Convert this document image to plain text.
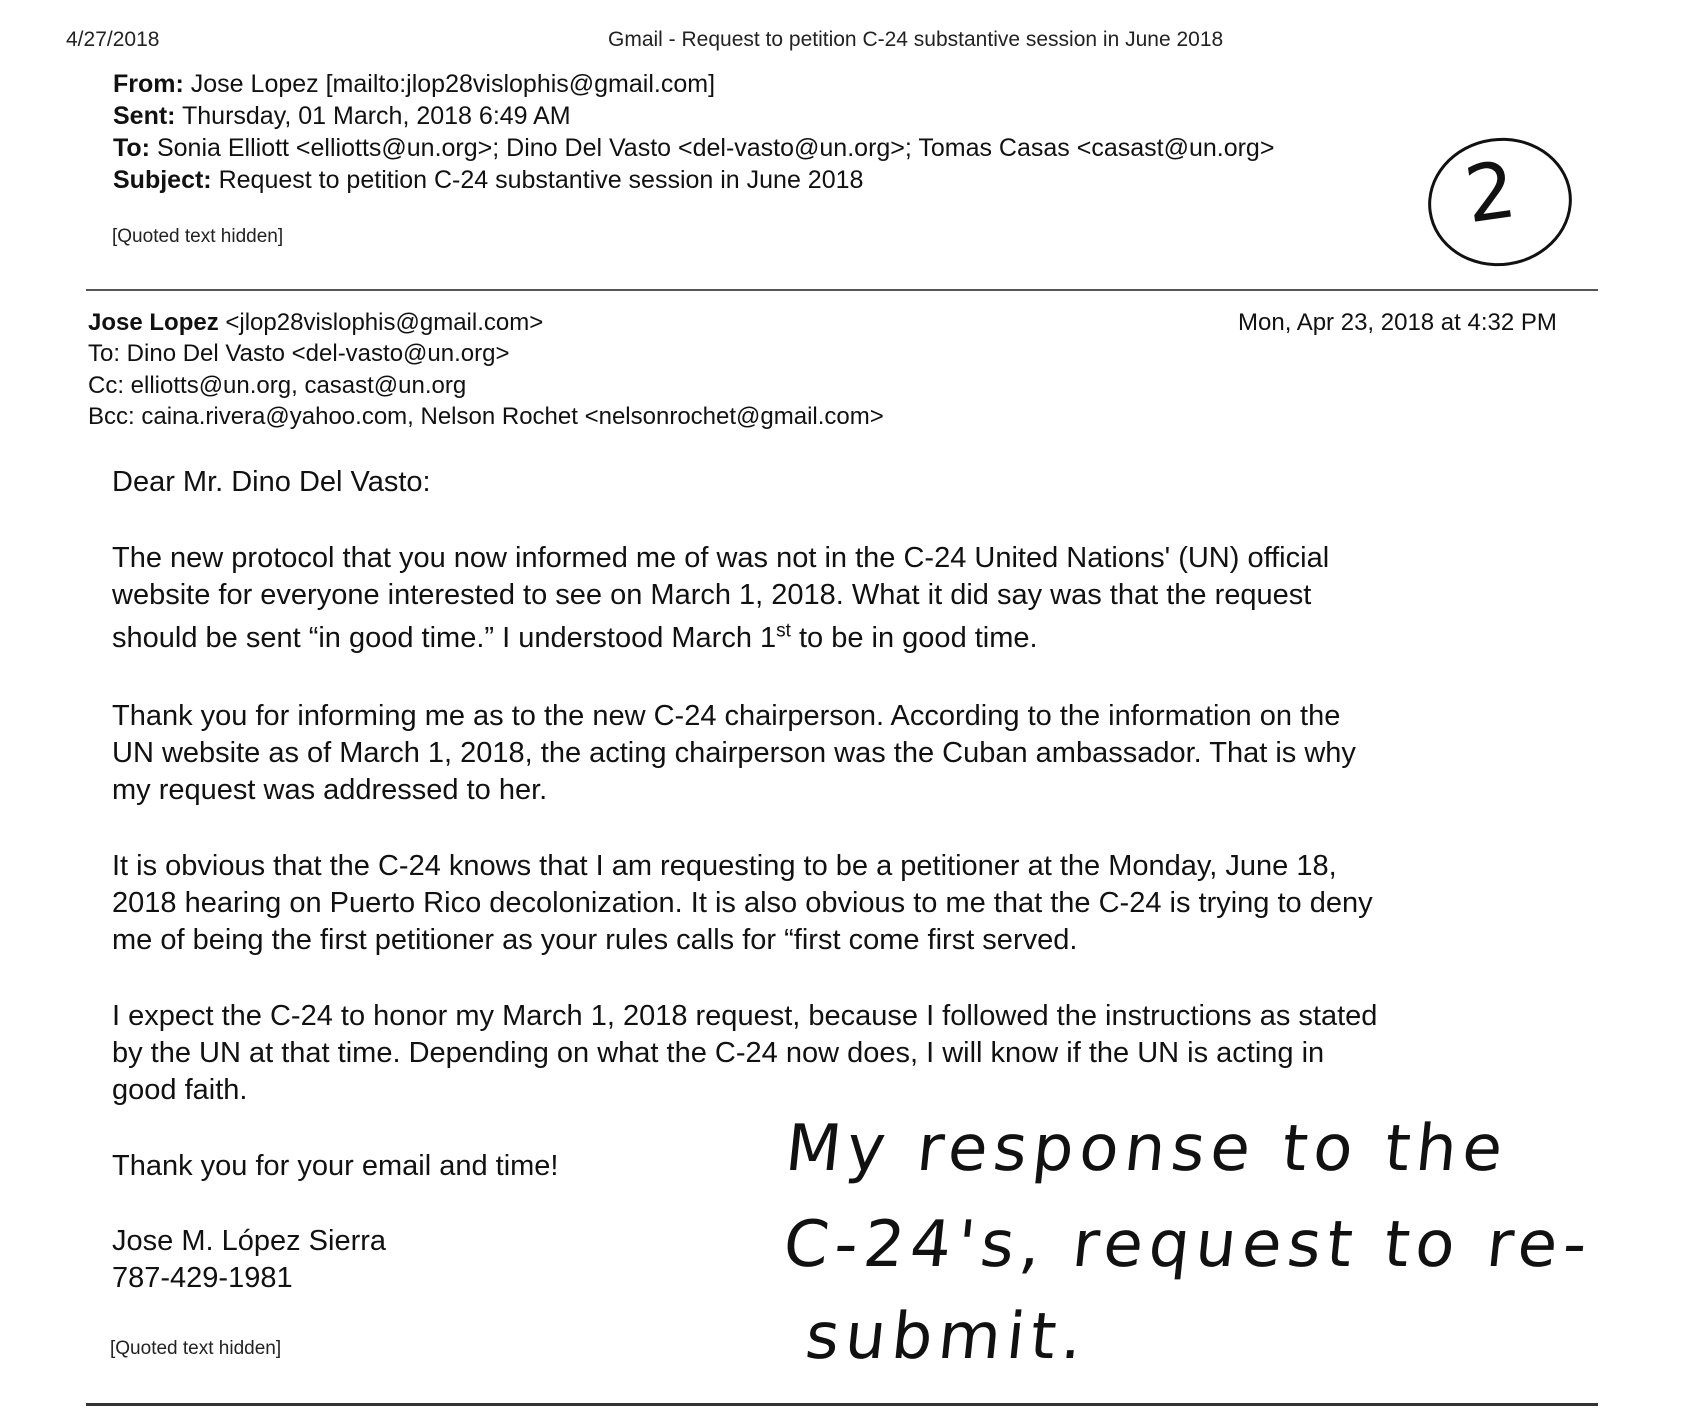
4/27/2018	Gmail - Request to petition C-24 substantive session in June 2018
From: Jose Lopez [mailto:jlop28vislophis@gmail.com]
Sent: Thursday, 01 March, 2018 6:49 AM
To: Sonia Elliott <elliotts@un.org>; Dino Del Vasto <del-vasto@un.org>; Tomas Casas <casast@un.org>
Subject: Request to petition C-24 substantive session in June 2018
[Quoted text hidden]	2
Jose Lopez <jlop28vislophis@gmail.com>	Mon, Apr 23, 2018 at 4:32 PM
To: Dino Del Vasto <del-vasto@un.org>
Cc: elliotts@un.org, casast@un.org
Bcc: caina.rivera@yahoo.com, Nelson Rochet <nelsonrochet@gmail.com>

Dear Mr. Dino Del Vasto:

The new protocol that you now informed me of was not in the C-24 United Nations' (UN) official

website for everyone interested to see on March 1, 2018. What it did say was that the request

should be sent “in good time.” I understood March 1st to be in good time.

Thank you for informing me as to the new C-24 chairperson. According to the information on the

UN website as of March 1, 2018, the acting chairperson was the Cuban ambassador. That is why

my request was addressed to her.

It is obvious that the C-24 knows that I am requesting to be a petitioner at the Monday, June 18,

2018 hearing on Puerto Rico decolonization. It is also obvious to me that the C-24 is trying to deny

me of being the first petitioner as your rules calls for “first come first served.

I expect the C-24 to honor my March 1, 2018 request, because I followed the instructions as stated

by the UN at that time. Depending on what the C-24 now does, I will know if the UN is acting in

good faith.

Thank you for your email and time!

Jose M. López Sierra

787-429-1981

[Quoted text hidden]
My response to the
C-24's, request to re-
submit.
